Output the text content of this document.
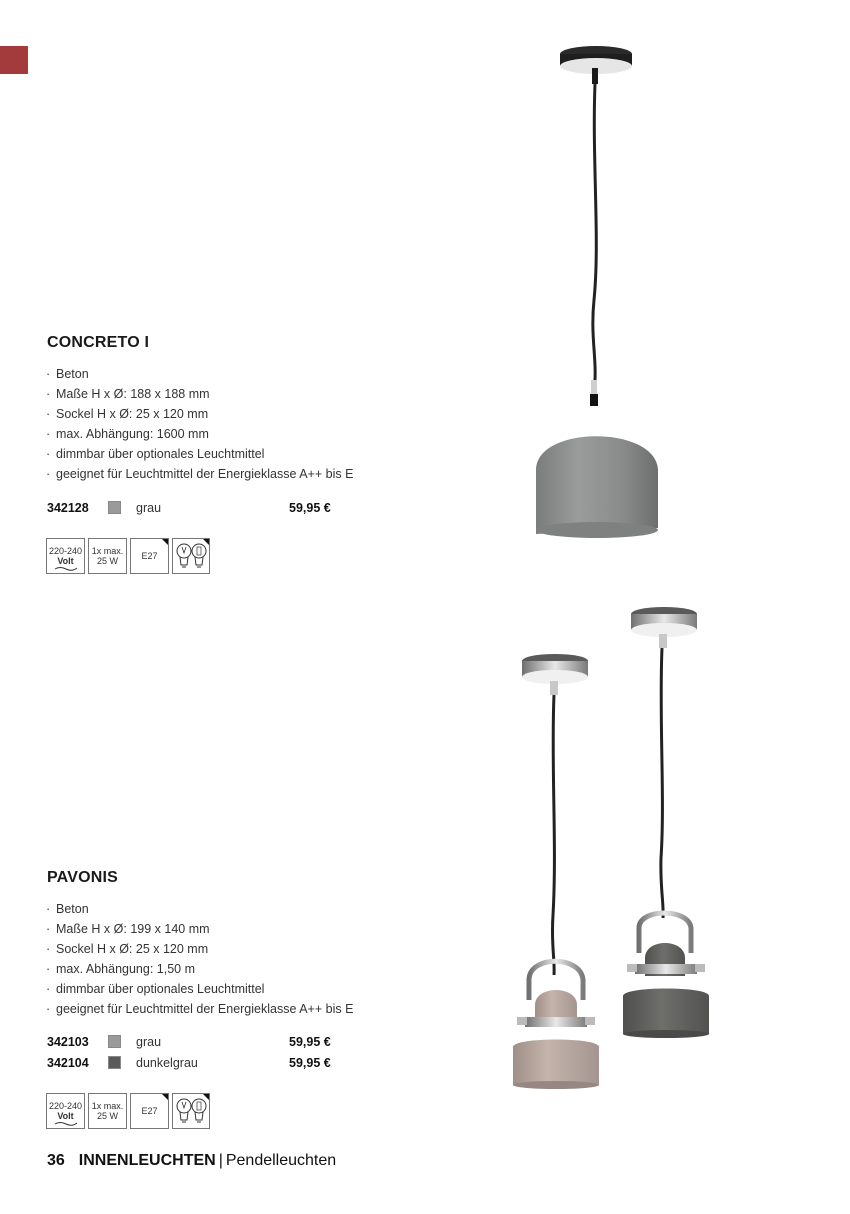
CONCRETO I
· Beton
· Maße H x Ø: 188 x 188 mm
· Sockel H x Ø: 25 x 120 mm
· max. Abhängung: 1600 mm
· dimmbar über optionales Leuchtmittel
· geeignet für Leuchtmittel der Energieklasse A++ bis E
342128	grau	59,95 €
220-240
Volt
1x max.
25 W	E27
PAVONIS
· Beton
· Maße H x Ø: 199 x 140 mm
· Sockel H x Ø: 25 x 120 mm
· max. Abhängung: 1,50 m
· dimmbar über optionales Leuchtmittel
· geeignet für Leuchtmittel der Energieklasse A++ bis E
342103	grau	59,95 €
342104	dunkelgrau	59,95 €
220-240
Volt
1x max.
25 W	E27
36 INNENLEUCHTEN | Pendelleuchten
